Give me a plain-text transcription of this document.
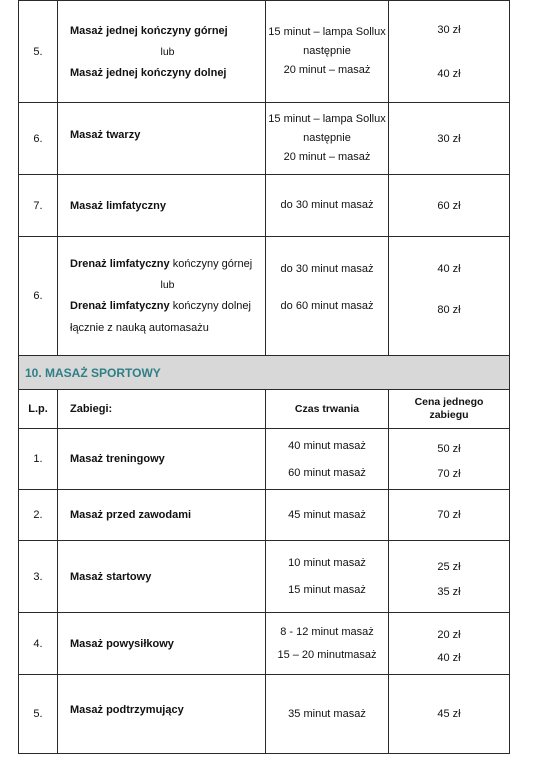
5.	Masaż jednej kończyny górnej
lub
Masaż jednej kończyny dolnej	15 minut – lampa Sollux
następnie
20 minut – masaż	30 zł
40 zł

6.	Masaż twarzy	15 minut – lampa Sollux
następnie
20 minut – masaż	30 zł

7.	Masaż limfatyczny	do 30 minut masaż	60 zł

6.	Drenaż limfatyczny kończyny górnej
lub
Drenaż limfatyczny kończyny dolnej
łącznie z nauką automasażu	do 30 minut masaż
do 60 minut masaż	40 zł
80 zł

10. MASAŻ SPORTOWY			
L.p.	Zabiegi:	Czas trwania	Cena jednego zabiegu
1.	Masaż treningowy	40 minut masaż
60 minut masaż	50 zł
70 zł

2.	Masaż przed zawodami	45 minut masaż	70 zł

3.	Masaż startowy	10 minut masaż
15 minut masaż	25 zł
35 zł

4.	Masaż powysiłkowy	8 - 12 minut masaż
15 – 20 minutmasaż	20 zł
40 zł

5.	Masaż podtrzymujący	35 minut masaż	45 zł
